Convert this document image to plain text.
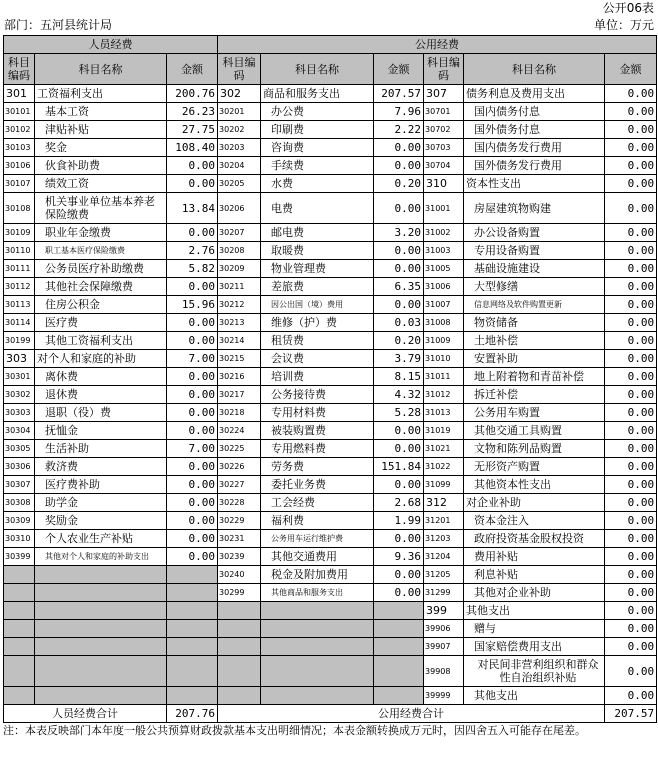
公开06表
部门：五河县统计局	单位：万元
人员经费			公用经费					
科目编码	科目名称	金额	科目编码	科目名称	金额	科目编码	科目名称	金额
301	工资福利支出	200.76	302	商品和服务支出	207.57	307	债务利息及费用支出	0.00
30101	基本工资	26.23	30201	办公费	7.96	30701	国内债务付息	0.00
30102	津贴补贴	27.75	30202	印刷费	2.22	30702	国外债务付息	0.00
30103	奖金	108.40	30203	咨询费	0.00	30703	国内债务发行费用	0.00
30106	伙食补助费	0.00	30204	手续费	0.00	30704	国外债务发行费用	0.00
30107	绩效工资	0.00	30205	水费	0.20	310	资本性支出	0.00
30108	机关事业单位基本养老保险缴费	13.84	30206	电费	0.00	31001	房屋建筑物购建	0.00
30109	职业年金缴费	0.00	30207	邮电费	3.20	31002	办公设备购置	0.00
30110	职工基本医疗保险缴费	2.76	30208	取暖费	0.00	31003	专用设备购置	0.00
30111	公务员医疗补助缴费	5.82	30209	物业管理费	0.00	31005	基础设施建设	0.00
30112	其他社会保障缴费	0.00	30211	差旅费	6.35	31006	大型修缮	0.00
30113	住房公积金	15.96	30212	因公出国（境）费用	0.00	31007	信息网络及软件购置更新	0.00
30114	医疗费	0.00	30213	维修（护）费	0.03	31008	物资储备	0.00
30199	其他工资福利支出	0.00	30214	租赁费	0.20	31009	土地补偿	0.00
303	对个人和家庭的补助	7.00	30215	会议费	3.79	31010	安置补助	0.00
30301	离休费	0.00	30216	培训费	8.15	31011	地上附着物和青苗补偿	0.00
30302	退休费	0.00	30217	公务接待费	4.32	31012	拆迁补偿	0.00
30303	退职（役）费	0.00	30218	专用材料费	5.28	31013	公务用车购置	0.00
30304	抚恤金	0.00	30224	被装购置费	0.00	31019	其他交通工具购置	0.00
30305	生活补助	7.00	30225	专用燃料费	0.00	31021	文物和陈列品购置	0.00
30306	救济费	0.00	30226	劳务费	151.84	31022	无形资产购置	0.00
30307	医疗费补助	0.00	30227	委托业务费	0.00	31099	其他资本性支出	0.00
30308	助学金	0.00	30228	工会经费	2.68	312	对企业补助	0.00
30309	奖励金	0.00	30229	福利费	1.99	31201	资本金注入	0.00
30310	个人农业生产补贴	0.00	30231	公务用车运行维护费	0.00	31203	政府投资基金股权投资	0.00
30399	其他对个人和家庭的补助支出	0.00	30239	其他交通费用	9.36	31204	费用补贴	0.00
			30240	税金及附加费用	0.00	31205	利息补贴	0.00
			30299	其他商品和服务支出	0.00	31299	其他对企业补助	0.00
						399	其他支出	0.00
						39906	赠与	0.00
						39907	国家赔偿费用支出	0.00
						39908	对民间非营利组织和群众性自治组织补贴	0.00
						39999	其他支出	0.00
人员经费合计		207.76	公用经费合计					207.57
注：本表反映部门本年度一般公共预算财政拨款基本支出明细情况；本表金额转换成万元时，因四舍五入可能存在尾差。
